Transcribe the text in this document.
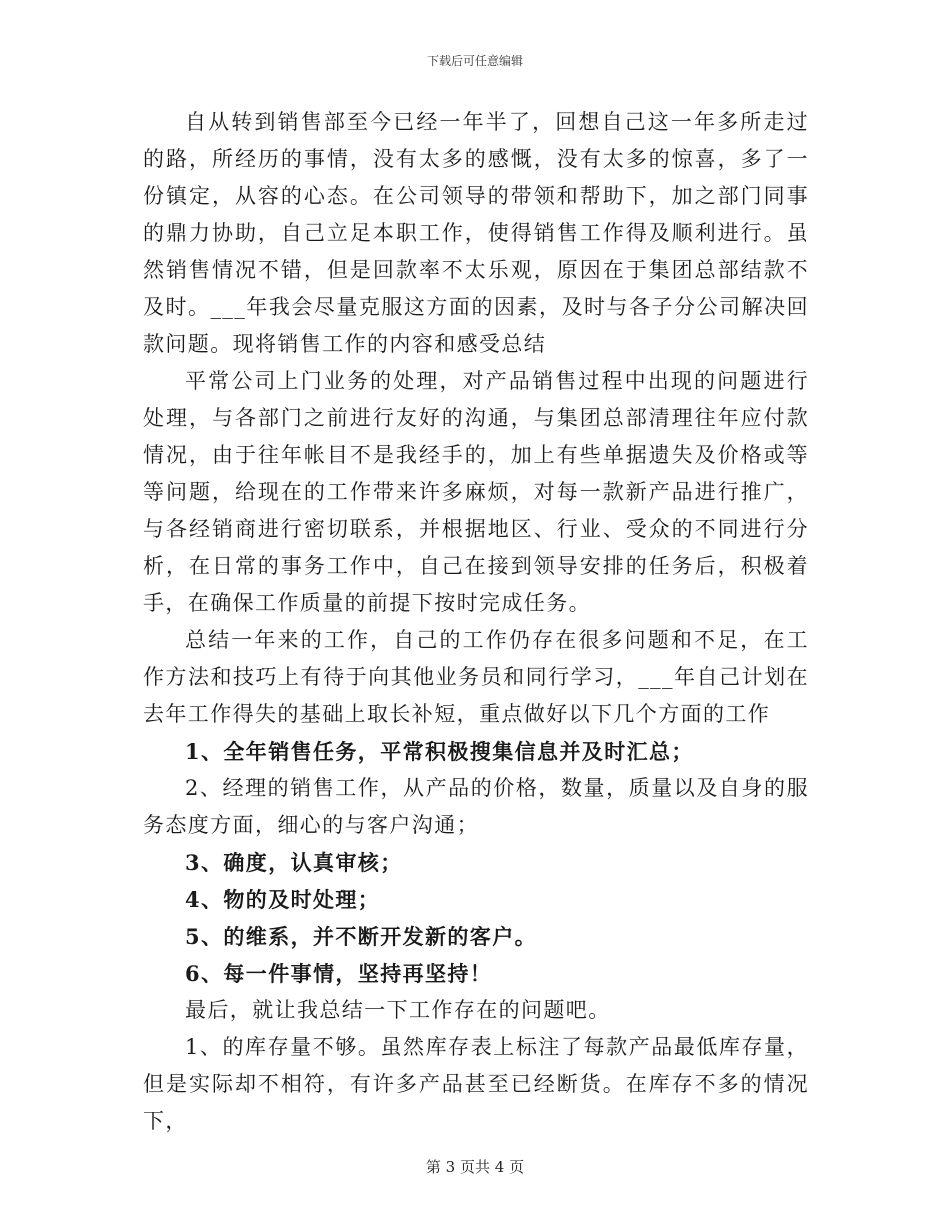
下载后可任意编辑

自从转到销售部至今已经一年半了，回想自己这一年多所走过的路，所经历的事情，没有太多的感慨，没有太多的惊喜，多了一份镇定，从容的心态。在公司领导的带领和帮助下，加之部门同事的鼎力协助，自己立足本职工作，使得销售工作得及顺利进行。虽然销售情况不错，但是回款率不太乐观，原因在于集团总部结款不及时。___年我会尽量克服这方面的因素，及时与各子分公司解决回款问题。现将销售工作的内容和感受总结

平常公司上门业务的处理，对产品销售过程中出现的问题进行处理，与各部门之前进行友好的沟通，与集团总部清理往年应付款情况，由于往年帐目不是我经手的，加上有些单据遗失及价格或等等问题，给现在的工作带来许多麻烦，对每一款新产品进行推广，与各经销商进行密切联系，并根据地区、行业、受众的不同进行分析，在日常的事务工作中，自己在接到领导安排的任务后，积极着手，在确保工作质量的前提下按时完成任务。

总结一年来的工作，自己的工作仍存在很多问题和不足，在工作方法和技巧上有待于向其他业务员和同行学习，___年自己计划在去年工作得失的基础上取长补短，重点做好以下几个方面的工作

1、全年销售任务，平常积极搜集信息并及时汇总；

2、经理的销售工作，从产品的价格，数量，质量以及自身的服务态度方面，细心的与客户沟通；

3、确度，认真审核；

4、物的及时处理；

5、的维系，并不断开发新的客户。

6、每一件事情，坚持再坚持！

最后，就让我总结一下工作存在的问题吧。

1、的库存量不够。虽然库存表上标注了每款产品最低库存量，但是实际却不相符，有许多产品甚至已经断货。在库存不多的情况下，

第 3 页共 4 页
